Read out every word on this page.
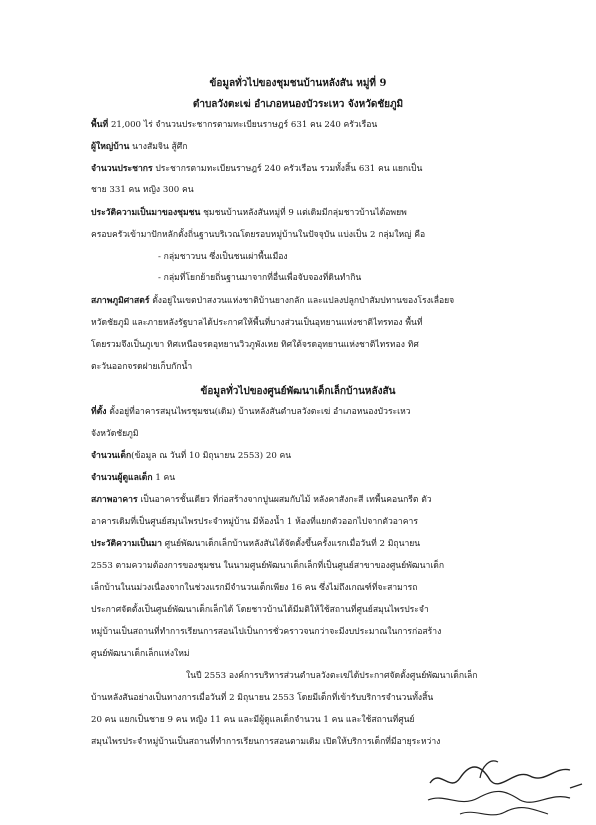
ข้อมูลทั่วไปของชุมชนบ้านหลังสัน หมู่ที่ 9
ตำบลวังตะเฆ่ อำเภอหนองบัวระเหว จังหวัดชัยภูมิ
พื้นที่ 21,000 ไร่ จำนวนประชากรตามทะเบียนราษฎร์ 631 คน 240 ครัวเรือน
ผู้ใหญ่บ้าน นางสัมจิน สู้ศึก
จำนวนประชากร ประชากรตามทะเบียนราษฎร์ 240 ครัวเรือน รวมทั้งสิ้น 631 คน แยกเป็น
ชาย 331 คน หญิง 300 คน
ประวัติความเป็นมาของชุมชน ชุมชนบ้านหลังสันหมู่ที่ 9 แต่เดิมมีกลุ่มชาวบ้านได้อพยพ
ครอบครัวเข้ามาปักหลักตั้งถิ่นฐานบริเวณโดยรอบหมู่บ้านในปัจจุบัน แบ่งเป็น 2 กลุ่มใหญ่ คือ
- กลุ่มชาวบน ซึ่งเป็นชนเผ่าพื้นเมือง
- กลุ่มที่โยกย้ายถิ่นฐานมาจากที่อื่นเพื่อจับจองที่ดินทำกิน
สภาพภูมิศาสตร์ ตั้งอยู่ในเขตป่าสงวนแห่งชาติบ้านยางกลัก และแปลงปลูกป่าสัมปทานของโรงเลื่อยจ
หวัดชัยภูมิ และภายหลังรัฐบาลได้ประกาศให้พื้นที่บางส่วนเป็นอุทยานแห่งชาติไทรทอง พื้นที่
โดยรวมจึงเป็นภูเขา ทิศเหนือจรดอุทยานวิวภูพังเหย ทิศใต้จรดอุทยานแห่งชาติไทรทอง ทิศ
ตะวันออกจรดฝายเก็บกักน้ำ
ข้อมูลทั่วไปของศูนย์พัฒนาเด็กเล็กบ้านหลังสัน
ที่ตั้ง ตั้งอยู่ที่อาคารสมุนไพรชุมชน(เดิม) บ้านหลังสันตำบลวังตะเฆ่ อำเภอหนองบัวระเหว
จังหวัดชัยภูมิ
จำนวนเด็ก(ข้อมูล ณ วันที่ 10 มิถุนายน 2553) 20 คน
จำนวนผู้ดูแลเด็ก 1 คน
สภาพอาคาร เป็นอาคารชั้นเดียว ที่ก่อสร้างจากปูนผสมกับไม้ หลังคาสังกะสี เทพื้นคอนกรีต ตัว
อาคารเดิมที่เป็นศูนย์สมุนไพรประจำหมู่บ้าน มีห้องน้ำ 1 ห้องที่แยกตัวออกไปจากตัวอาคาร
ประวัติความเป็นมา ศูนย์พัฒนาเด็กเล็กบ้านหลังสันได้จัดตั้งขึ้นครั้งแรกเมื่อวันที่ 2 มิถุนายน
2553 ตามความต้องการของชุมชน ในนามศูนย์พัฒนาเด็กเล็กที่เป็นศูนย์สาขาของศูนย์พัฒนาเด็ก
เล็กบ้านในนม่วงเนื่องจากในช่วงแรกมีจำนวนเด็กเพียง 16 คน ซึ่งไม่ถึงเกณฑ์ที่จะสามารถ
ประกาศจัดตั้งเป็นศูนย์พัฒนาเด็กเล็กได้ โดยชาวบ้านได้มีมติให้ใช้สถานที่ศูนย์สมุนไพรประจำ
หมู่บ้านเป็นสถานที่ทำการเรียนการสอนไปเป็นการชั่วคราวจนกว่าจะมีงบประมาณในการก่อสร้าง
ศูนย์พัฒนาเด็กเล็กแห่งใหม่
ในปี 2553 องค์การบริหารส่วนตำบลวังตะเฆ่ได้ประกาศจัดตั้งศูนย์พัฒนาเด็กเล็ก
บ้านหลังสันอย่างเป็นทางการเมื่อวันที่ 2 มิถุนายน 2553 โดยมีเด็กที่เข้ารับบริการจำนวนทั้งสิ้น
20 คน แยกเป็นชาย 9 คน หญิง 11 คน และมีผู้ดูแลเด็กจำนวน 1 คน และใช้สถานที่ศูนย์
สมุนไพรประจำหมู่บ้านเป็นสถานที่ทำการเรียนการสอนตามเดิม เปิดให้บริการเด็กที่มีอายุระหว่าง
